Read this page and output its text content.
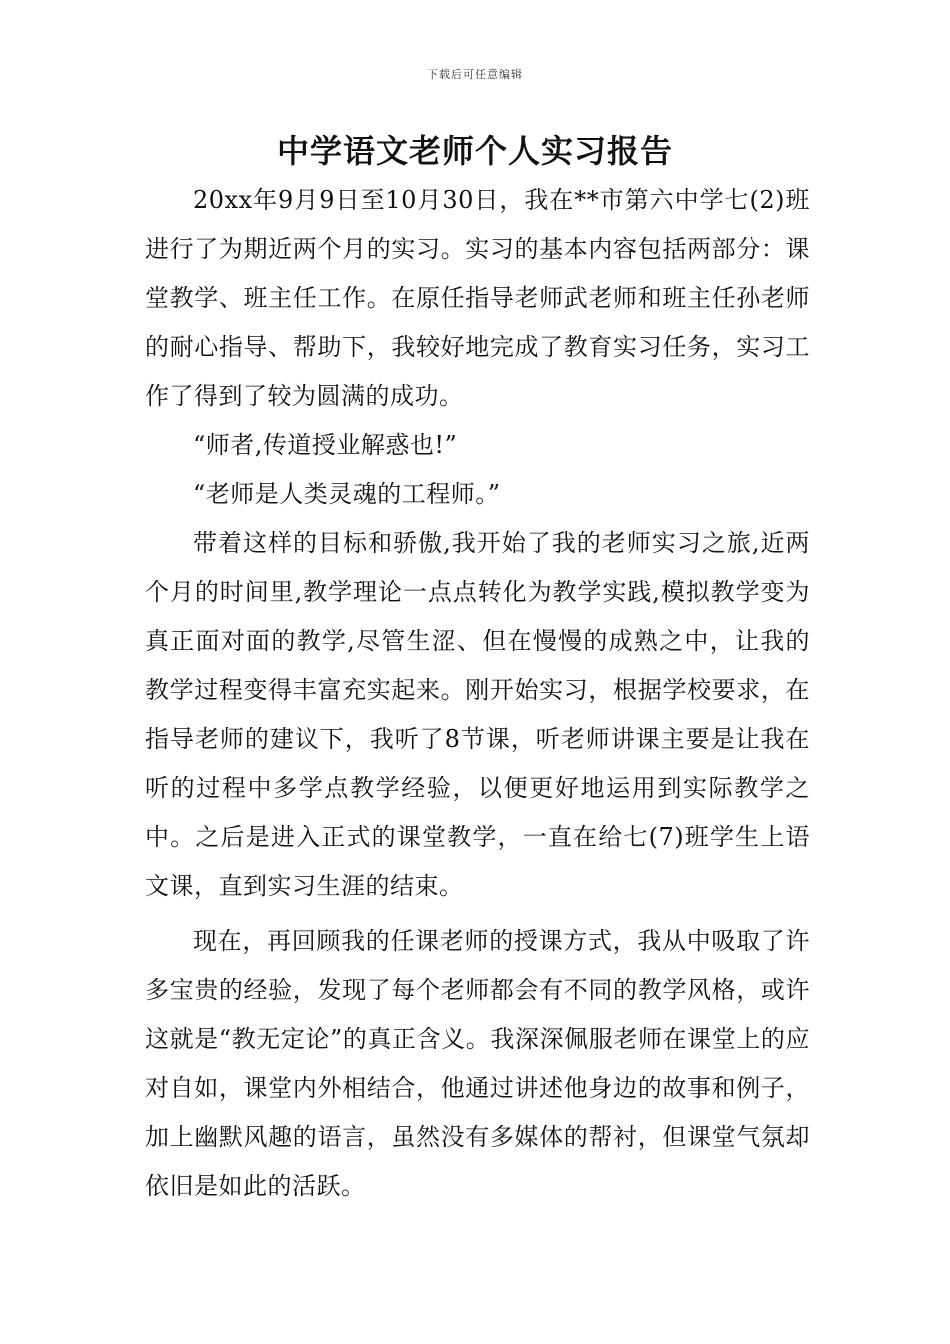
下载后可任意编辑
中学语文老师个人实习报告

20xx年9月9日至10月30日，我在**市第六中学七(2)班进行了为期近两个月的实习。实习的基本内容包括两部分：课堂教学、班主任工作。在原任指导老师武老师和班主任孙老师的耐心指导、帮助下，我较好地完成了教育实习任务，实习工作了得到了较为圆满的成功。

“师者,传道授业解惑也!”

“老师是人类灵魂的工程师。”

带着这样的目标和骄傲,我开始了我的老师实习之旅,近两个月的时间里,教学理论一点点转化为教学实践,模拟教学变为真正面对面的教学,尽管生涩、但在慢慢的成熟之中，让我的教学过程变得丰富充实起来。刚开始实习，根据学校要求，在指导老师的建议下，我听了8节课，听老师讲课主要是让我在听的过程中多学点教学经验，以便更好地运用到实际教学之中。之后是进入正式的课堂教学，一直在给七(7)班学生上语文课，直到实习生涯的结束。

现在，再回顾我的任课老师的授课方式，我从中吸取了许多宝贵的经验，发现了每个老师都会有不同的教学风格，或许这就是“教无定论”的真正含义。我深深佩服老师在课堂上的应对自如，课堂内外相结合，他通过讲述他身边的故事和例子，加上幽默风趣的语言，虽然没有多媒体的帮衬，但课堂气氛却依旧是如此的活跃。
